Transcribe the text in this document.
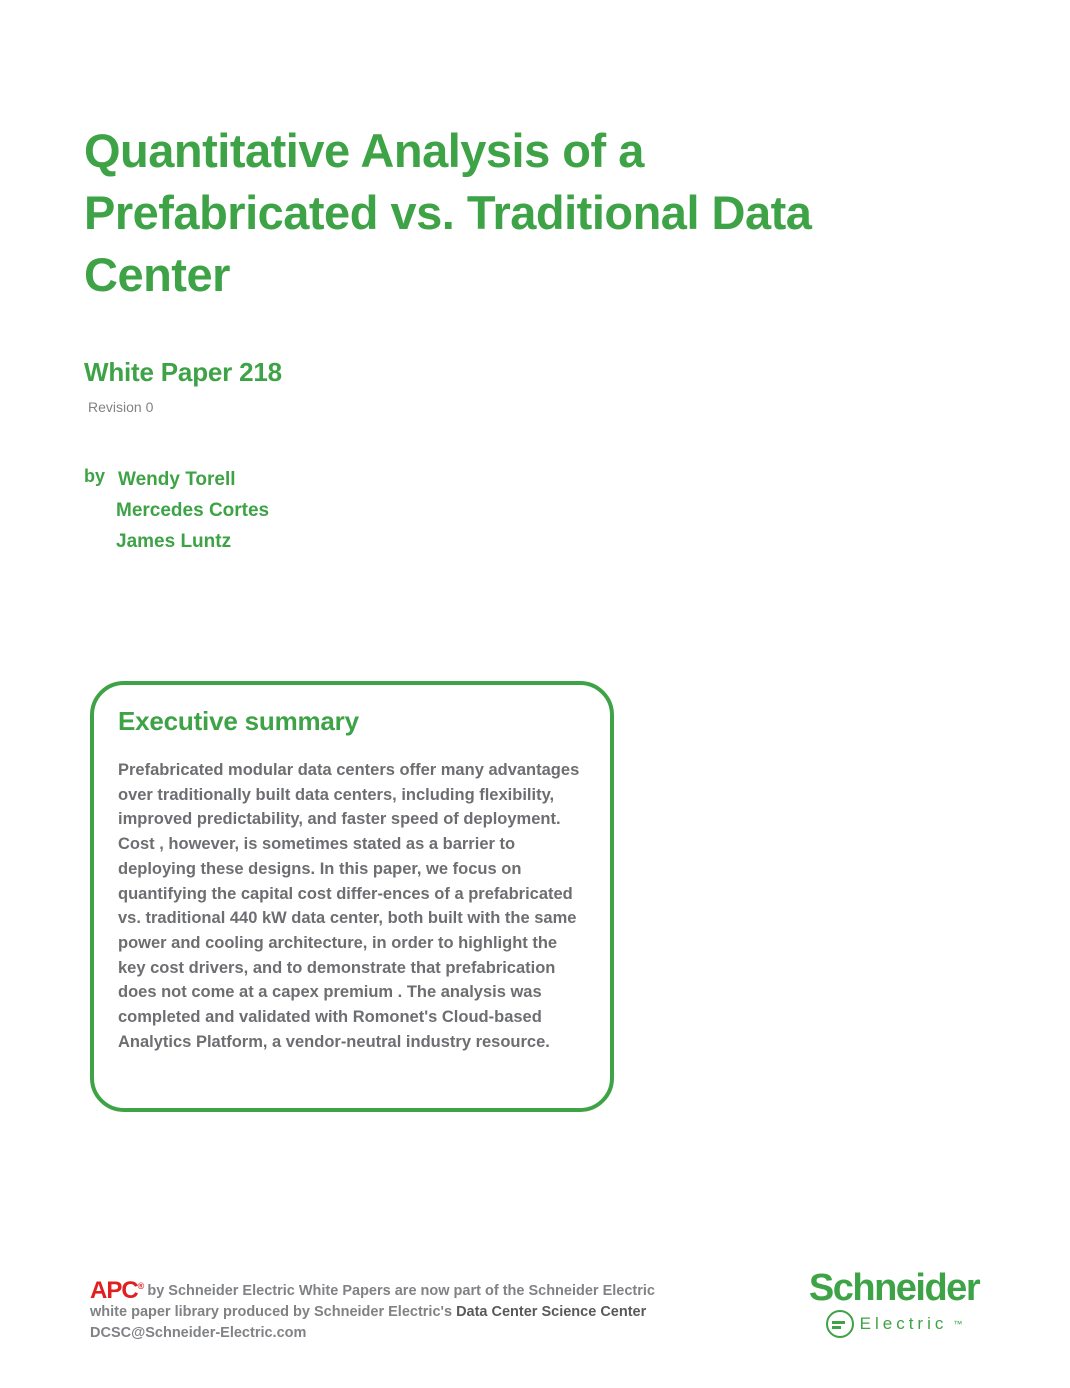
Quantitative Analysis of a Prefabricated vs. Traditional Data Center
White Paper 218
Revision 0
by Wendy Torell
Mercedes Cortes
James Luntz
Executive summary
Prefabricated modular data centers offer many advantages over traditionally built data centers, including flexibility, improved predictability, and faster speed of deployment. Cost , however, is sometimes stated as a barrier to deploying these designs. In this paper, we focus on quantifying the capital cost differ-ences of a prefabricated vs. traditional 440 kW data center, both built with the same power and cooling architecture, in order to highlight the key cost drivers, and to demonstrate that prefabrication does not come at a capex premium . The analysis was completed and validated with Romonet's Cloud-based Analytics Platform, a vendor-neutral industry resource.
APC® by Schneider Electric White Papers are now part of the Schneider Electric
white paper library produced by Schneider Electric's Data Center Science Center
DCSC@Schneider-Electric.com
Schneider
Electric ™
